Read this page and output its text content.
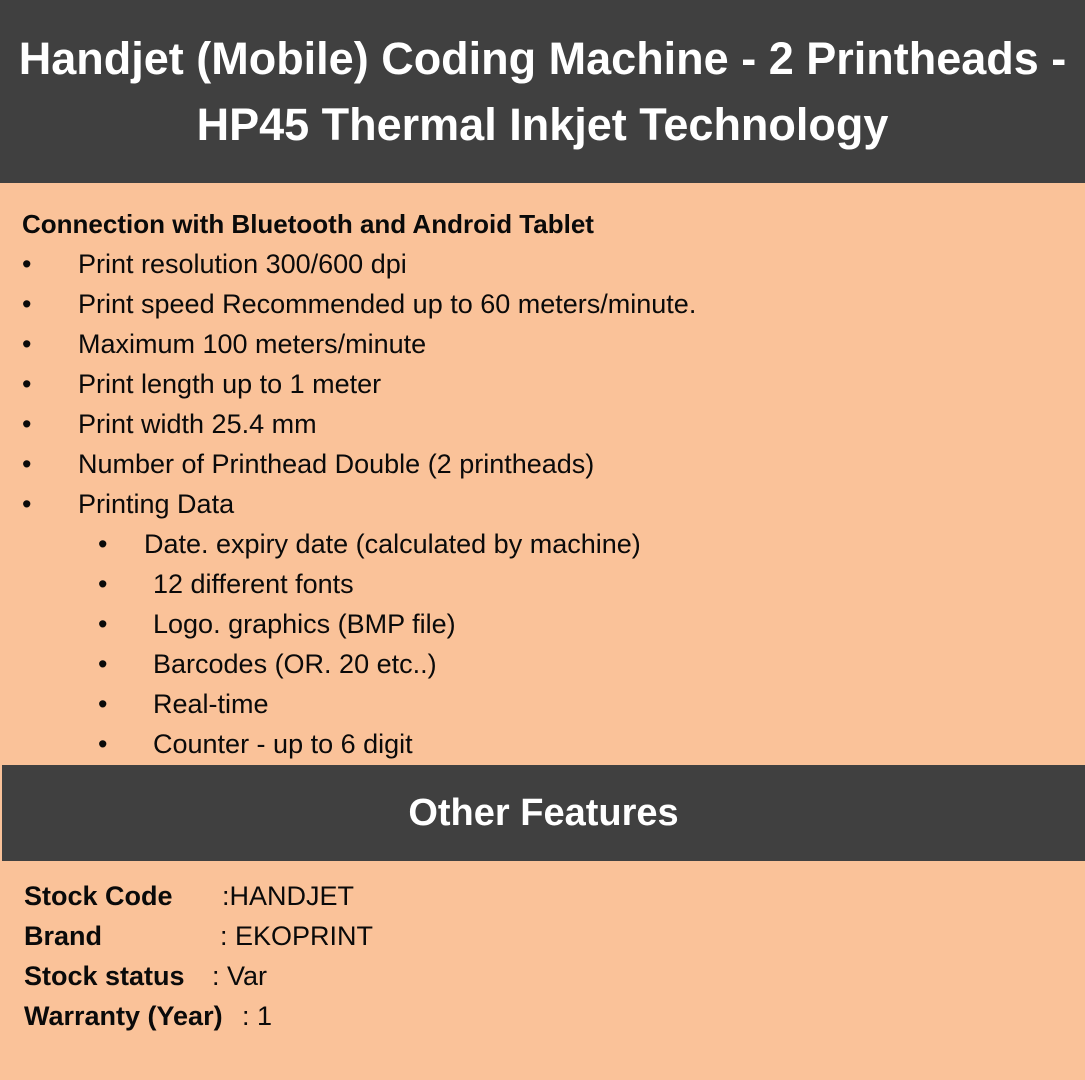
Handjet (Mobile) Coding Machine - 2 Printheads - HP45 Thermal Inkjet Technology
Connection with Bluetooth and Android Tablet
• Print resolution 300/600 dpi
• Print speed Recommended up to 60 meters/minute.
• Maximum 100 meters/minute
• Print length up to 1 meter
• Print width 25.4 mm
• Number of Printhead Double (2 printheads)
• Printing Data
• Date. expiry date (calculated by machine)
• 12 different fonts
• Logo. graphics (BMP file)
• Barcodes (OR. 20 etc..)
• Real-time
• Counter - up to 6 digit
Other Features
Stock Code :HANDJET
Brand	: EKOPRINT
Stock status : Var
Warranty (Year) : 1
